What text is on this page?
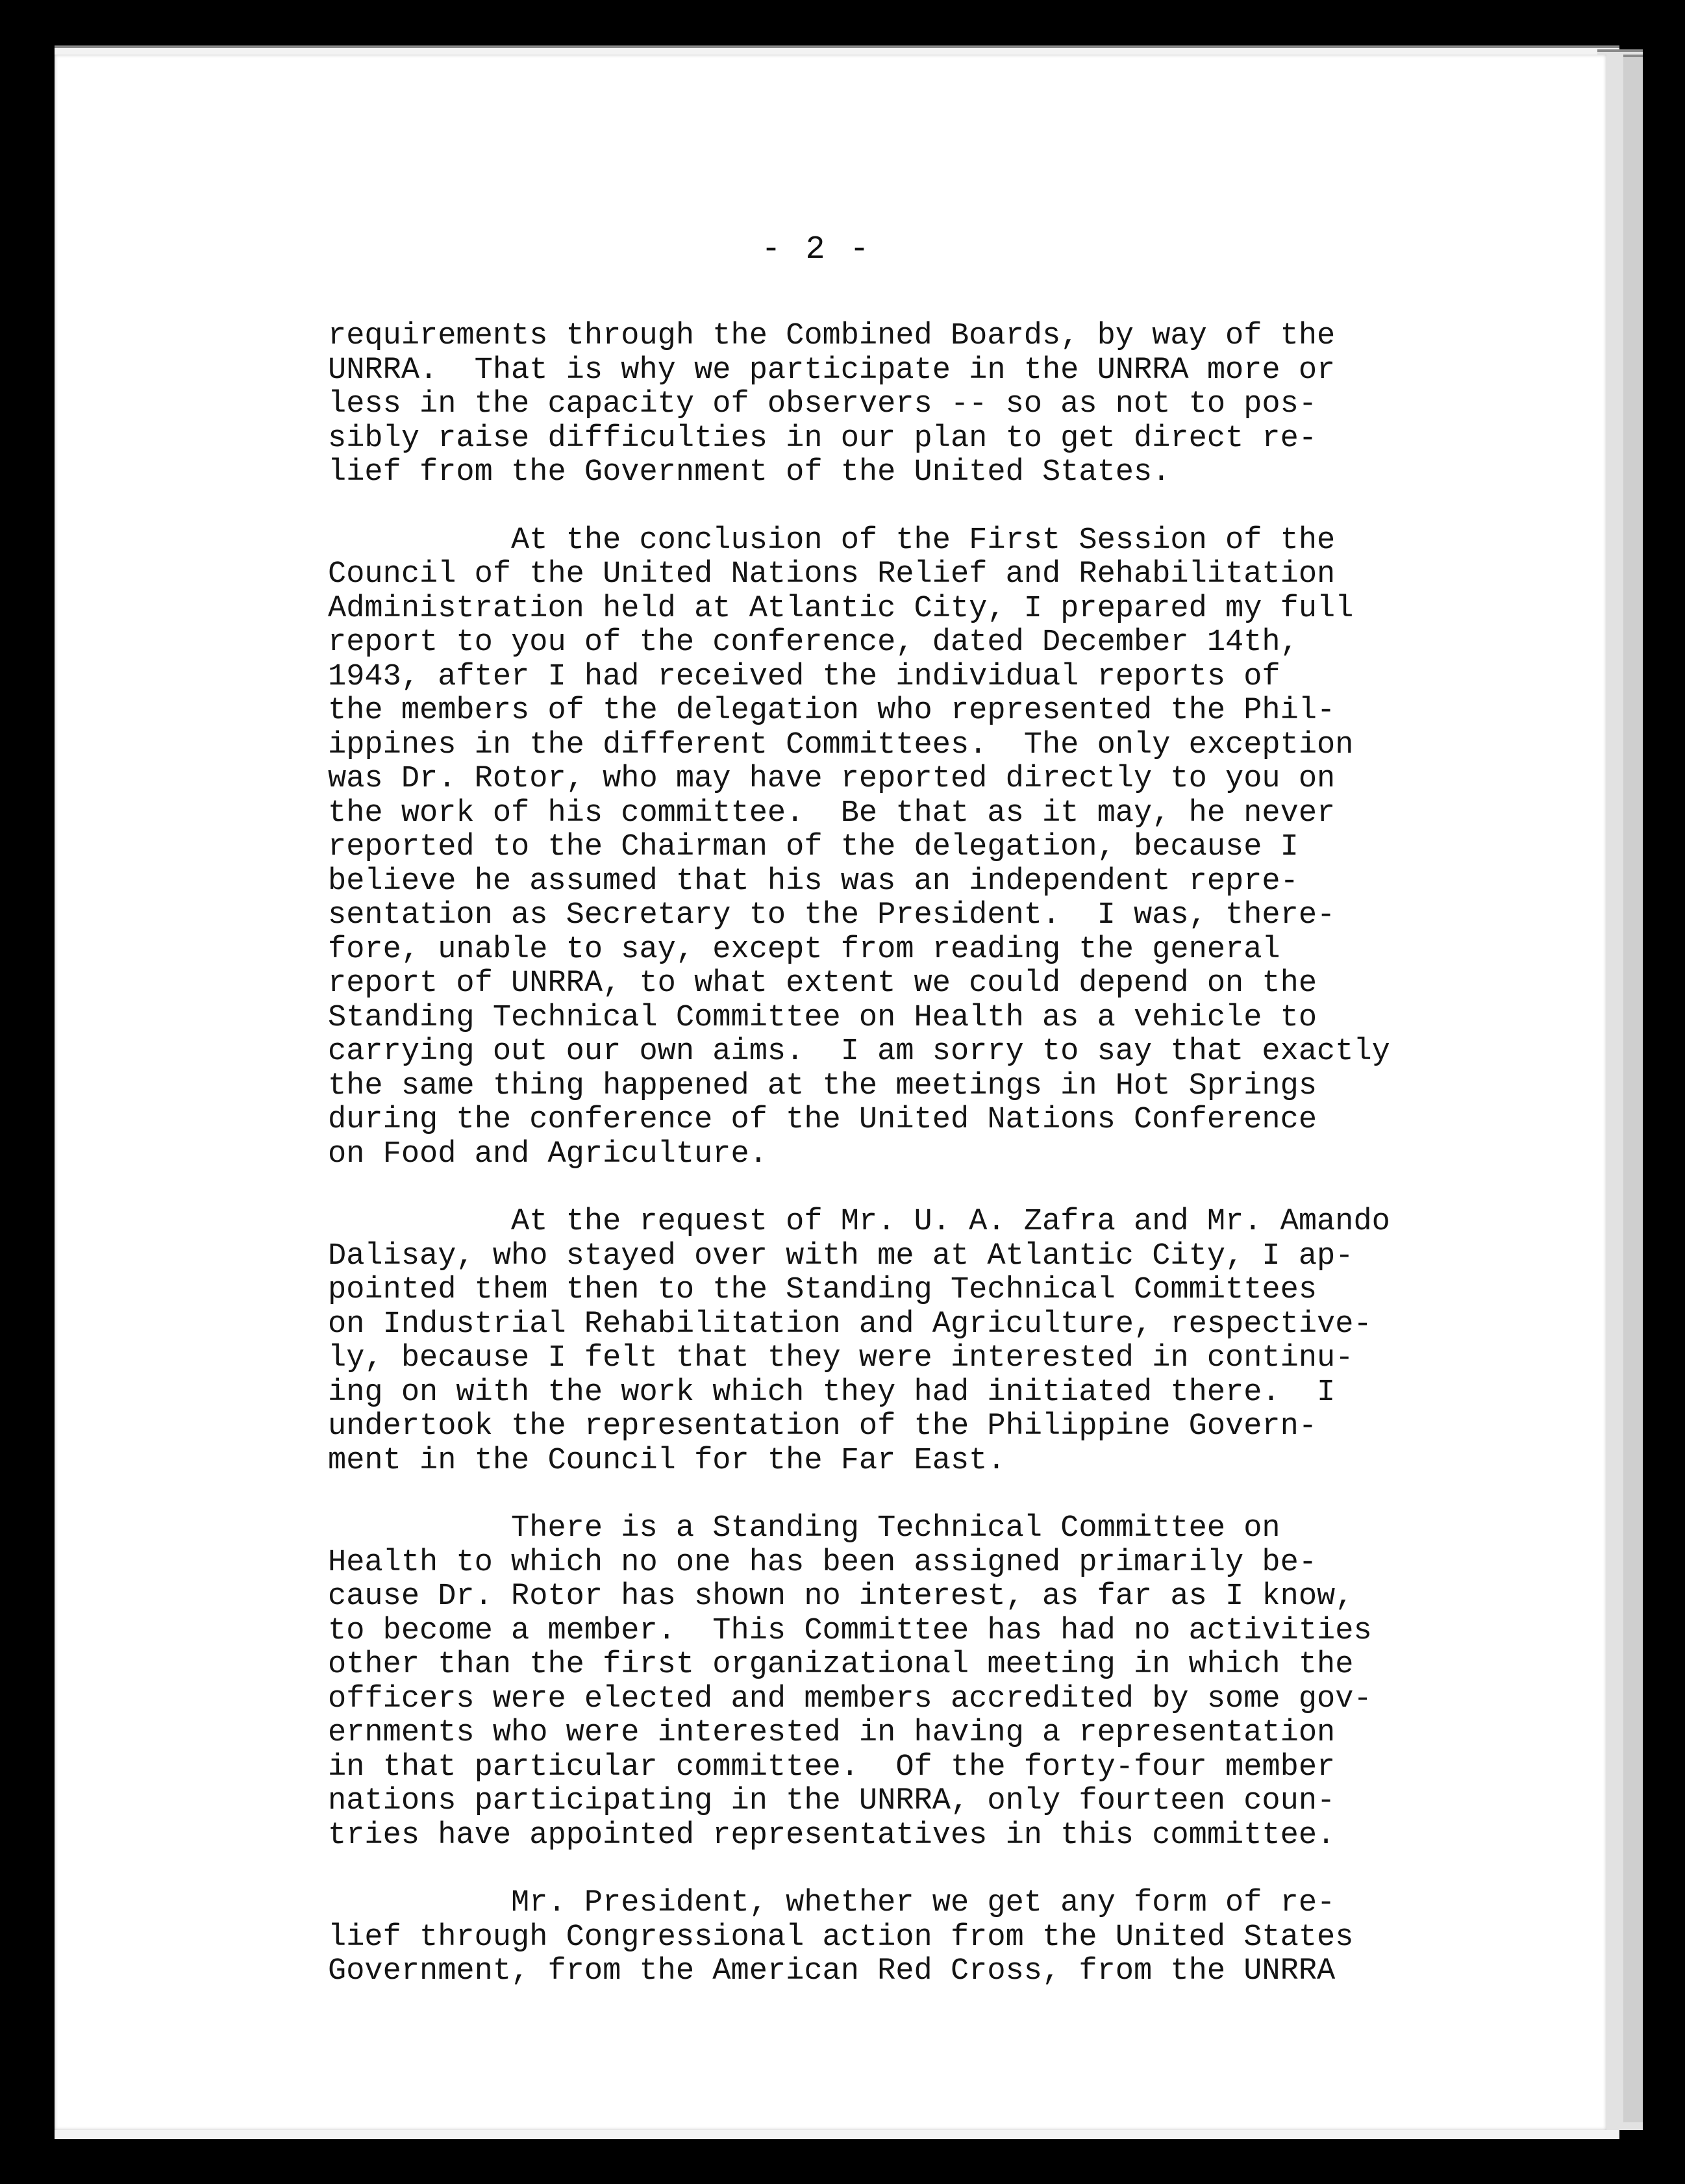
- 2 -
requirements through the Combined Boards, by way of the
UNRRA.  That is why we participate in the UNRRA more or
less in the capacity of observers -- so as not to pos-
sibly raise difficulties in our plan to get direct re-
lief from the Government of the United States.
At the conclusion of the First Session of the
Council of the United Nations Relief and Rehabilitation
Administration held at Atlantic City, I prepared my full
report to you of the conference, dated December 14th,
1943, after I had received the individual reports of
the members of the delegation who represented the Phil-
ippines in the different Committees.  The only exception
was Dr. Rotor, who may have reported directly to you on
the work of his committee.  Be that as it may, he never
reported to the Chairman of the delegation, because I
believe he assumed that his was an independent repre-
sentation as Secretary to the President.  I was, there-
fore, unable to say, except from reading the general
report of UNRRA, to what extent we could depend on the
Standing Technical Committee on Health as a vehicle to
carrying out our own aims.  I am sorry to say that exactly
the same thing happened at the meetings in Hot Springs
during the conference of the United Nations Conference
on Food and Agriculture.
At the request of Mr. U. A. Zafra and Mr. Amando
Dalisay, who stayed over with me at Atlantic City, I ap-
pointed them then to the Standing Technical Committees
on Industrial Rehabilitation and Agriculture, respective-
ly, because I felt that they were interested in continu-
ing on with the work which they had initiated there.  I
undertook the representation of the Philippine Govern-
ment in the Council for the Far East.
There is a Standing Technical Committee on
Health to which no one has been assigned primarily be-
cause Dr. Rotor has shown no interest, as far as I know,
to become a member.  This Committee has had no activities
other than the first organizational meeting in which the
officers were elected and members accredited by some gov-
ernments who were interested in having a representation
in that particular committee.  Of the forty-four member
nations participating in the UNRRA, only fourteen coun-
tries have appointed representatives in this committee.
Mr. President, whether we get any form of re-
lief through Congressional action from the United States
Government, from the American Red Cross, from the UNRRA
